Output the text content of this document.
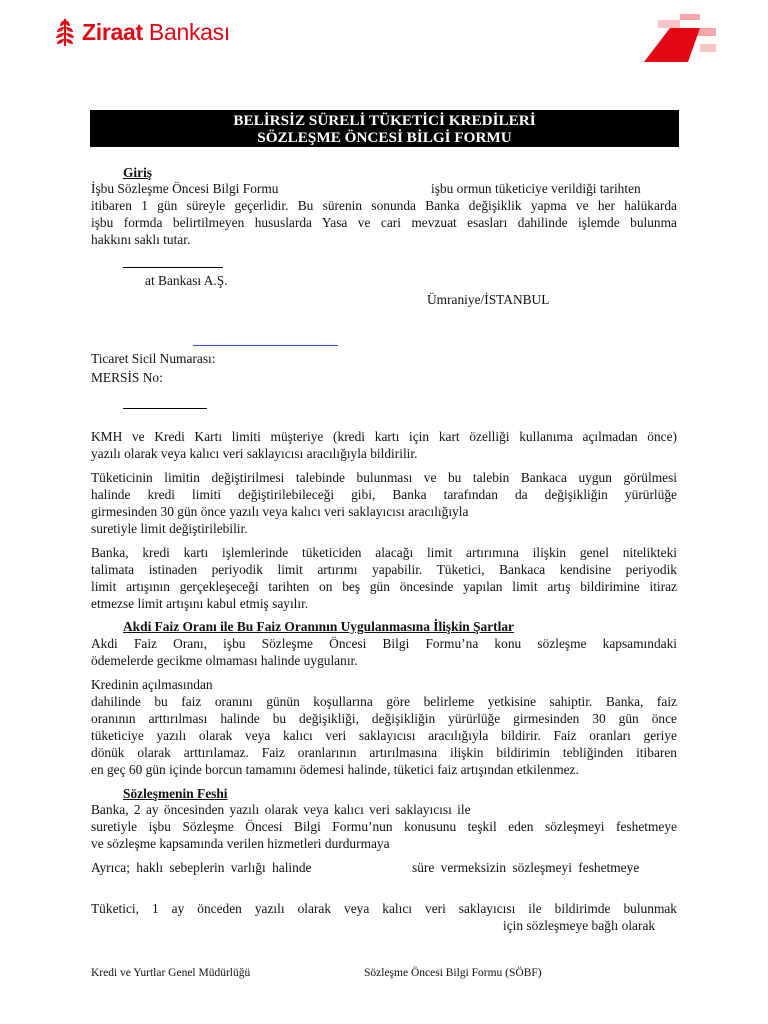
Ziraat Bankası
BELİRSİZ SÜRELİ TÜKETİCİ KREDİLERİ
SÖZLEŞME ÖNCESİ BİLGİ FORMU
Giriş
İşbu Sözleşme Öncesi Bilgi Formu	işbu ormun tüketiciye verildiği tarihten
itibaren 1 gün süreyle geçerlidir. Bu sürenin sonunda Banka değişiklik yapma ve her halükarda
işbu formda belirtilmeyen hususlarda Yasa ve cari mevzuat esasları dahilinde işlemde bulunma
hakkını saklı tutar.
at Bankası A.Ş.
Ümraniye/İSTANBUL
Ticaret Sicil Numarası:
MERSİS No:
KMH ve Kredi Kartı limiti müşteriye (kredi kartı için kart özelliği kullanıma açılmadan önce)
yazılı olarak veya kalıcı veri saklayıcısı aracılığıyla bildirilir.
Tüketicinin limitin değiştirilmesi talebinde bulunması ve bu talebin Bankaca uygun görülmesi
halinde kredi limiti değiştirilebileceği gibi, Banka tarafından da değişikliğin yürürlüğe
girmesinden 30 gün önce yazılı veya kalıcı veri saklayıcısı aracılığıyla
suretiyle limit değiştirilebilir.
Banka, kredi kartı işlemlerinde tüketiciden alacağı limit artırımına ilişkin genel nitelikteki
talimata istinaden periyodik limit artırımı yapabilir. Tüketici, Bankaca kendisine periyodik
limit artışının gerçekleşeceği tarihten on beş gün öncesinde yapılan limit artış bildirimine itiraz
etmezse limit artışını kabul etmiş sayılır.
Akdi Faiz Oranı ile Bu Faiz Oranının Uygulanmasına İlişkin Şartlar
Akdi Faiz Oranı, işbu Sözleşme Öncesi Bilgi Formu’na konu sözleşme kapsamındaki
ödemelerde gecikme olmaması halinde uygulanır.
Kredinin açılmasından
dahilinde bu faiz oranını günün koşullarına göre belirleme yetkisine sahiptir. Banka, faiz
oranının arttırılması halinde bu değişikliği, değişikliğin yürürlüğe girmesinden 30 gün önce
tüketiciye yazılı olarak veya kalıcı veri saklayıcısı aracılığıyla bildirir. Faiz oranları geriye
dönük olarak arttırılamaz. Faiz oranlarının artırılmasına ilişkin bildirimin tebliğinden itibaren
en geç 60 gün içinde borcun tamamını ödemesi halinde, tüketici faiz artışından etkilenmez.
Sözleşmenin Feshi
Banka, 2 ay öncesinden yazılı olarak veya kalıcı veri saklayıcısı ile
suretiyle işbu Sözleşme Öncesi Bilgi Formu’nun konusunu teşkil eden sözleşmeyi feshetmeye
ve sözleşme kapsamında verilen hizmetleri durdurmaya
Ayrıca; haklı sebeplerin varlığı halinde	süre vermeksizin sözleşmeyi feshetmeye
Tüketici, 1 ay önceden yazılı olarak veya kalıcı veri saklayıcısı ile bildirimde bulunmak
için sözleşmeye bağlı olarak
Kredi ve Yurtlar Genel Müdürlüğü	Sözleşme Öncesi Bilgi Formu (SÖBF)
